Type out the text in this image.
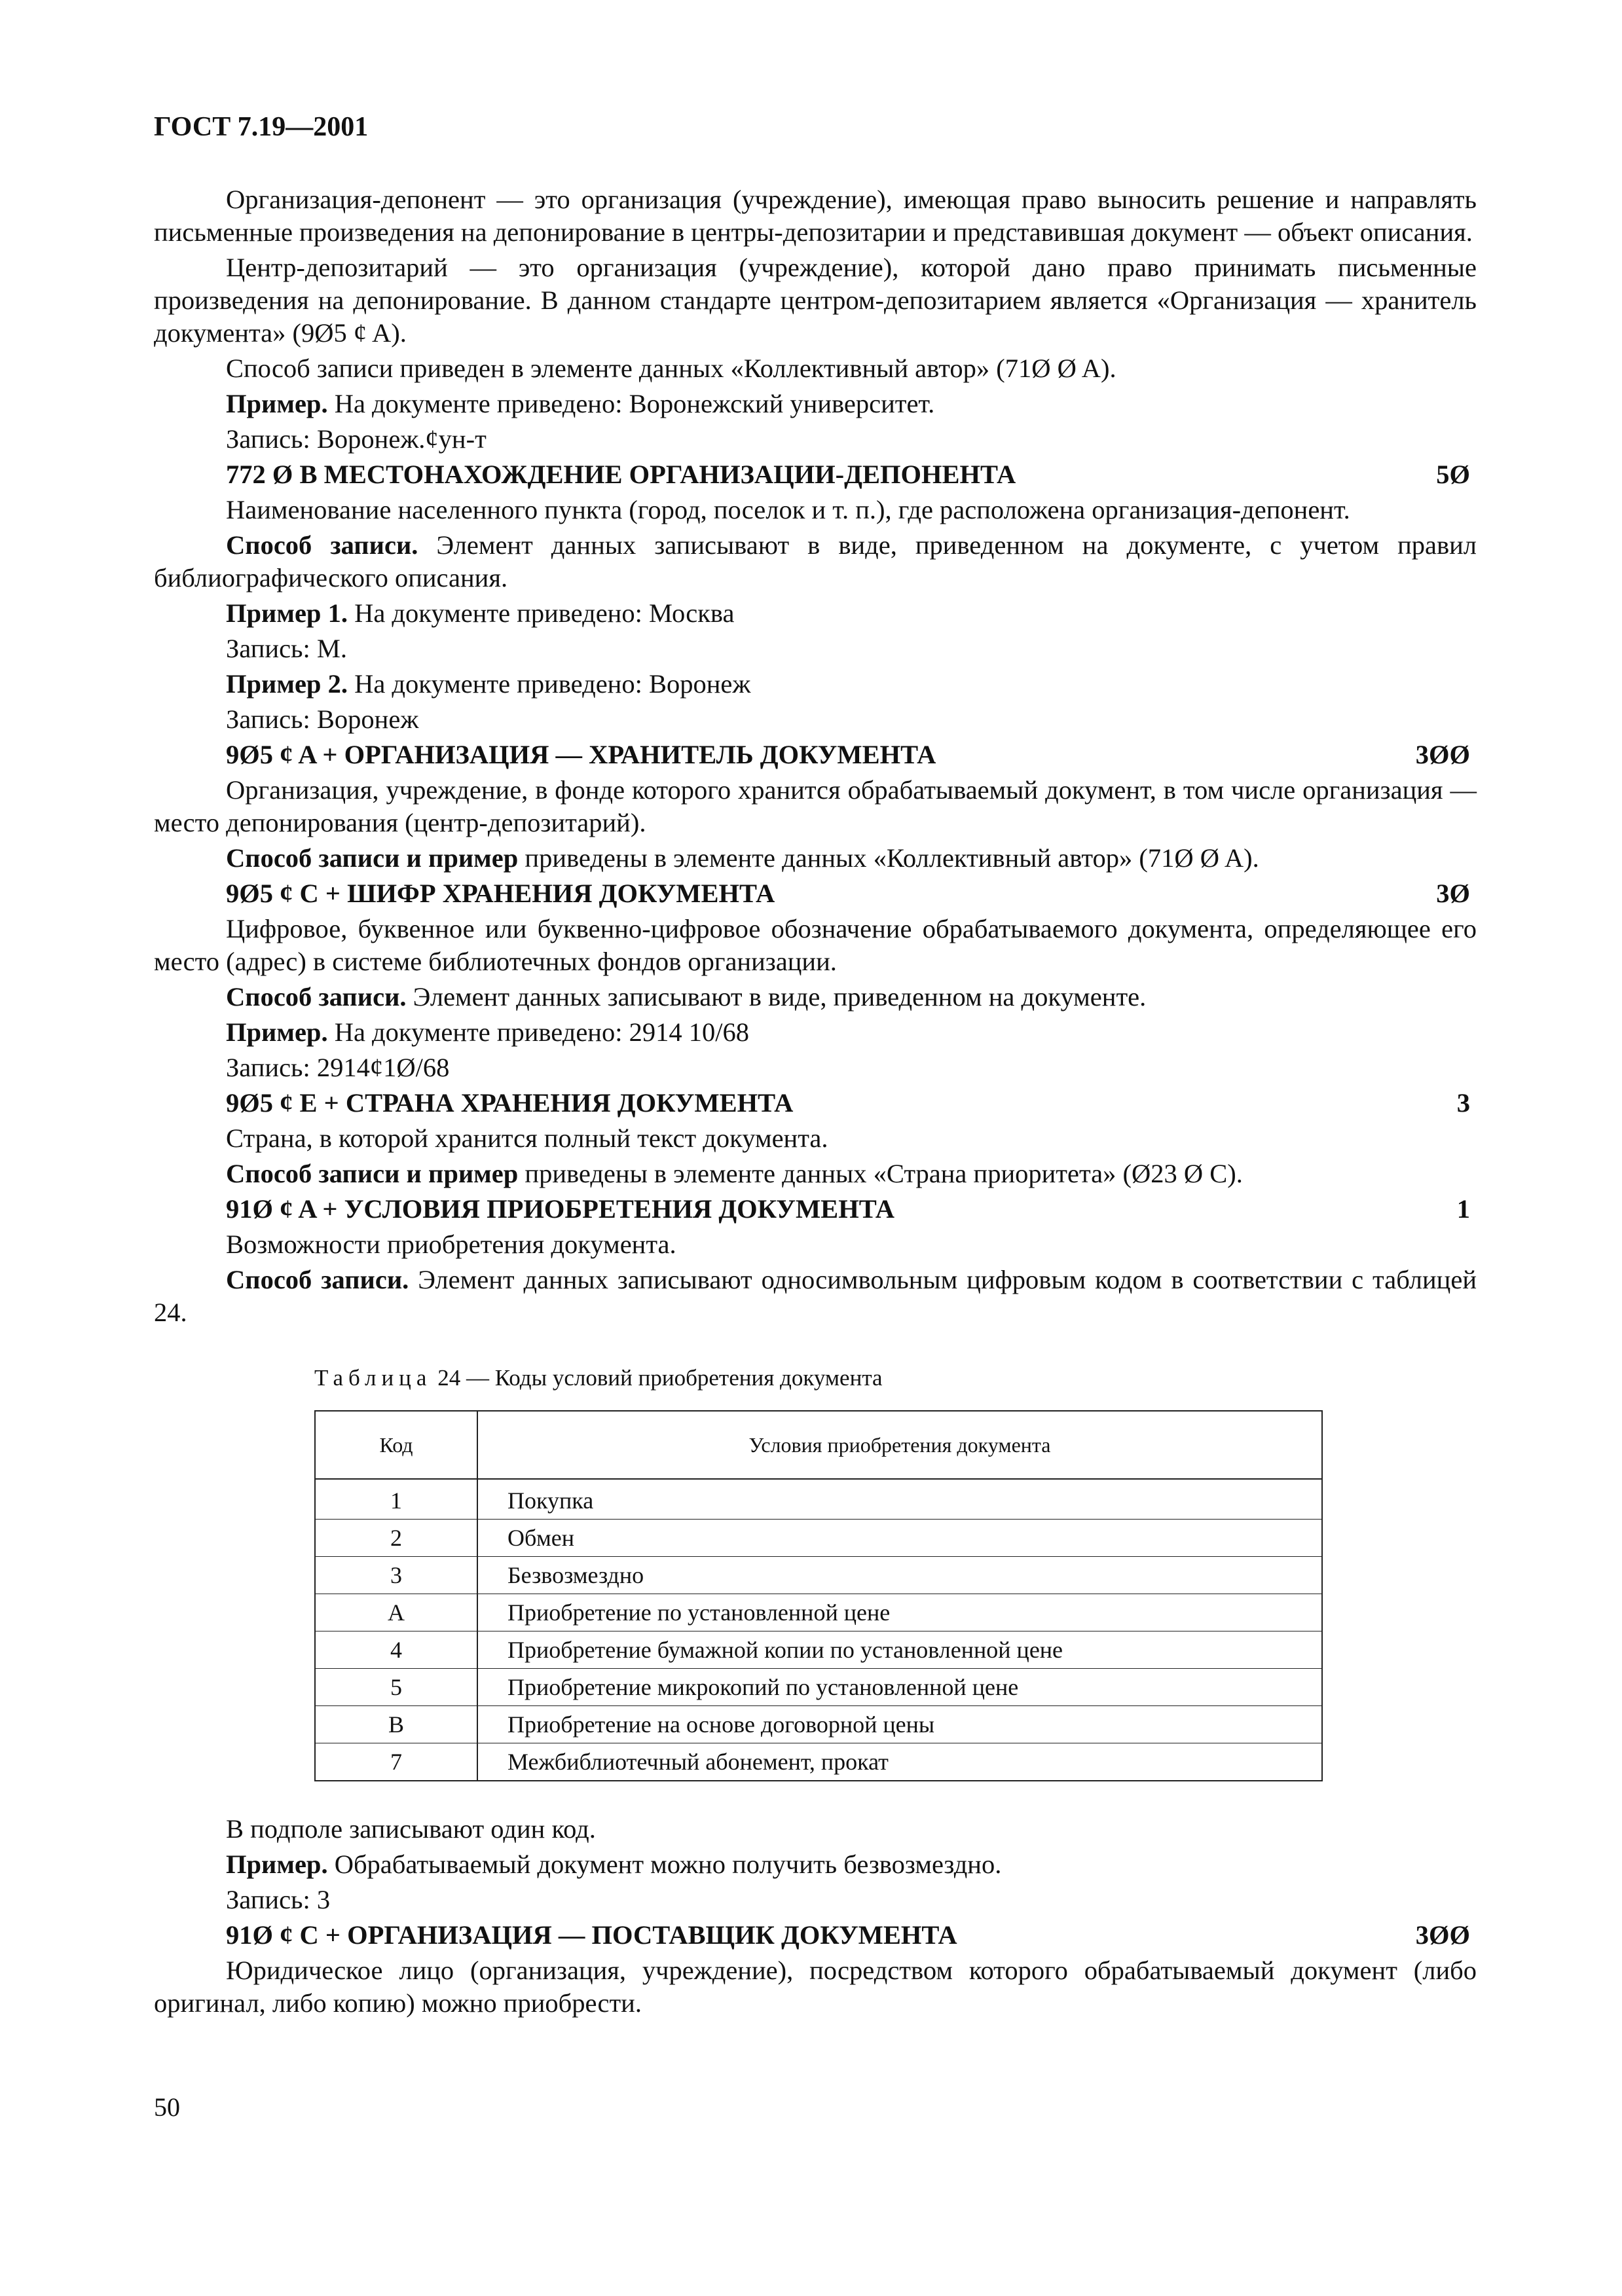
ГОСТ 7.19—2001

Организация-депонент — это организация (учреждение), имеющая право выносить решение и направлять письменные произведения на депонирование в центры-депозитарии и представившая документ — объект описания.

Центр-депозитарий — это организация (учреждение), которой дано право принимать письменные произведения на депонирование. В данном стандарте центром-депозитарием является «Организация — хранитель документа» (9Ø5 ȼ A).

Способ записи приведен в элементе данных «Коллективный автор» (71Ø Ø A).

Пример. На документе приведено: Воронежский университет.

Запись: Воронеж.ȼун-т

772 Ø B МЕСТОНАХОЖДЕНИЕ ОРГАНИЗАЦИИ-ДЕПОНЕНТА	5Ø

Наименование населенного пункта (город, поселок и т. п.), где расположена организация-депонент.

Способ записи. Элемент данных записывают в виде, приведенном на документе, с учетом правил библиографического описания.

Пример 1. На документе приведено: Москва

Запись: М.

Пример 2. На документе приведено: Воронеж

Запись: Воронеж

9Ø5 ȼ A + ОРГАНИЗАЦИЯ — ХРАНИТЕЛЬ ДОКУМЕНТА	3ØØ

Организация, учреждение, в фонде которого хранится обрабатываемый документ, в том числе организация — место депонирования (центр-депозитарий).

Способ записи и пример приведены в элементе данных «Коллективный автор» (71Ø Ø A).

9Ø5 ȼ C + ШИФР ХРАНЕНИЯ ДОКУМЕНТА	3Ø

Цифровое, буквенное или буквенно-цифровое обозначение обрабатываемого документа, определяющее его место (адрес) в системе библиотечных фондов организации.

Способ записи. Элемент данных записывают в виде, приведенном на документе.

Пример. На документе приведено: 2914 10/68

Запись: 2914ȼ1Ø/68

9Ø5 ȼ E + СТРАНА ХРАНЕНИЯ ДОКУМЕНТА	3

Страна, в которой хранится полный текст документа.

Способ записи и пример приведены в элементе данных «Страна приоритета» (Ø23 Ø C).

91Ø ȼ A + УСЛОВИЯ ПРИОБРЕТЕНИЯ ДОКУМЕНТА	1

Возможности приобретения документа.

Способ записи. Элемент данных записывают односимвольным цифровым кодом в соответствии с таблицей 24.

Таблица 24 — Коды условий приобретения документа
Код	Условия приобретения документа
1	Покупка
2	Обмен
3	Безвозмездно
A	Приобретение по установленной цене
4	Приобретение бумажной копии по установленной цене
5	Приобретение микрокопий по установленной цене
B	Приобретение на основе договорной цены
7	Межбиблиотечный абонемент, прокат

В подполе записывают один код.

Пример. Обрабатываемый документ можно получить безвозмездно.

Запись: 3

91Ø ȼ C + ОРГАНИЗАЦИЯ — ПОСТАВЩИК ДОКУМЕНТА	3ØØ

Юридическое лицо (организация, учреждение), посредством которого обрабатываемый документ (либо оригинал, либо копию) можно приобрести.

50
